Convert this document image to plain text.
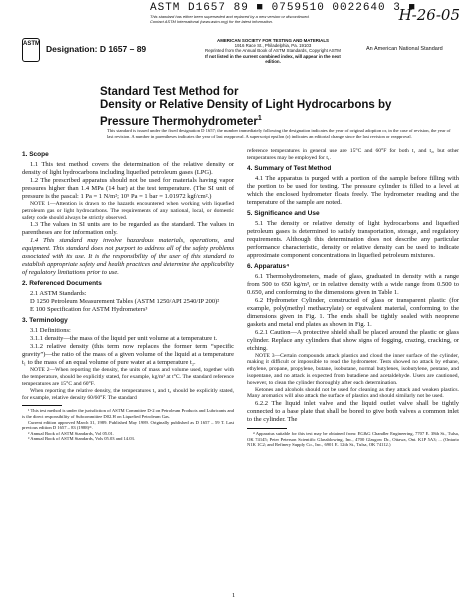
ASTM D1657 89 ■ 0759510 0022640 3 ■
This standard has either been superseded and replaced by a new version or discontinued. Contact ASTM International (www.astm.org) for the latest information.	H-26-05
ASTM Designation: D 1657 – 89
AMERICAN SOCIETY FOR TESTING AND MATERIALS
1916 Race St., Philadelphia, Pa. 19103
Reprinted from the Annual Book of ASTM Standards, Copyright ASTM
If not listed in the current combined index, will appear in the next edition.
An American National Standard
Standard Test Method for
Density or Relative Density of Light Hydrocarbons by
Pressure Thermohydrometer$^1$
This standard is issued under the fixed designation D 1657; the number immediately following the designation indicates the year of original adoption or, in the case of revision, the year of last revision. A number in parentheses indicates the year of last reapproval. A superscript epsilon (ε) indicates an editorial change since the last revision or reapproval.

1. Scope

1.1 This test method covers the determination of the relative density or density of light hydrocarbons including liquefied petroleum gases (LPG).

1.2 The prescribed apparatus should not be used for materials having vapor pressures higher than 1.4 MPa (14 bar) at the test temperature. (The SI unit of pressure is the pascal: 1 Pa = 1 N/m²; 10⁵ Pa = 1 bar = 1.01972 kgf/cm².)

NOTE 1—Attention is drawn to the hazards encountered when working with liquefied petroleum gas or light hydrocarbons. The requirements of any national, local, or domestic safety code should always be strictly observed.

1.3 The values in SI units are to be regarded as the standard. The values in parentheses are for information only.

1.4 This standard may involve hazardous materials, operations, and equipment. This standard does not purport to address all of the safety problems associated with its use. It is the responsibility of the user of this standard to establish appropriate safety and health practices and determine the applicability of regulatory limitations prior to use.

2. Referenced Documents

2.1 ASTM Standards:

D 1250 Petroleum Measurement Tables (ASTM 1250/API 2540/IP 200)²

E 100 Specification for ASTM Hydrometers³

3. Terminology

3.1 Definitions:

3.1.1 density—the mass of the liquid per unit volume at a temperature t.

3.1.2 relative density (this term now replaces the former term “specific gravity”)—the ratio of the mass of a given volume of the liquid at a temperature t₁ to the mass of an equal volume of pure water at a temperature t₂.

NOTE 2—When reporting the density, the units of mass and volume used, together with the temperature, should be explicitly stated, for example, kg/m³ at t°C. The standard reference temperatures are 15°C and 60°F.

When reporting the relative density, the temperatures t₁ and t₂ should be explicitly stated, for example, relative density 60/60°F. The standard

¹ This test method is under the jurisdiction of ASTM Committee D-2 on Petroleum Products and Lubricants and is the direct responsibility of Subcommittee D02.H on Liquefied Petroleum Gas.

Current edition approved March 31, 1989. Published May 1989. Originally published as D 1657 – 59 T. Last previous edition D 1657 – 83 (1988)ᵉ¹.

² Annual Book of ASTM Standards, Vol 05.01.

³ Annual Book of ASTM Standards, Vols 05.03 and 14.03.

reference temperatures in general use are 15°C and 60°F for both t₁ and t₂, but other temperatures may be employed for t₁.

4. Summary of Test Method

4.1 The apparatus is purged with a portion of the sample before filling with the portion to be used for testing. The pressure cylinder is filled to a level at which the enclosed hydrometer floats freely. The hydrometer reading and the temperature of the sample are noted.

5. Significance and Use

5.1 The density or relative density of light hydrocarbons and liquefied petroleum gases is determined to satisfy transportation, storage, and regulatory requirements. Although this determination does not describe any particular performance characteristic, density or relative density can be used to indicate approximate component concentrations in liquefied petroleum mixtures.

6. Apparatus⁴

6.1 Thermohydrometers, made of glass, graduated in density with a range from 500 to 650 kg/m³, or in relative density with a wide range from 0.500 to 0.650, and conforming to the dimensions given in Table 1.

6.2 Hydrometer Cylinder, constructed of glass or transparent plastic (for example, poly(methyl methacrylate) or equivalent material, conforming to the dimensions given in Fig. 1. The ends shall be tightly sealed with neoprene gaskets and metal end plates as shown in Fig. 1.

6.2.1 Caution—A protective shield shall be placed around the plastic or glass cylinder. Replace any cylinders that show signs of fogging, crazing, cracking, or etching.

NOTE 3—Certain compounds attack plastics and cloud the inner surface of the cylinder, making it difficult or impossible to read the hydrometer. Tests showed no attack by ethane, ethylene, propane, propylene, butane, isobutane, normal butylenes, isobutylene, pentane, and isopentane, and no attack is expected from butadiene and acetaldehyde. Users are cautioned, however, to clean the cylinder thoroughly after each determination.

Ketones and alcohols should not be used for cleaning as they attack and weaken plastics. Many aromatics will also attack the surface of plastics and should similarly not be used.

6.2.2 The liquid inlet valve and the liquid outlet valve shall be tightly connected to a base plate that shall be bored to give both valves a common inlet to the cylinder. The

⁴ Apparatus suitable for this test may be obtained from: EG&G Chandler Engineering, 7707 E. 38th St., Tulsa, OK 74145; Peter Peterson Scientific Glassblowing, Inc., 4700 Glasgow Dr., Ottawa, Ont. K1P 5A3; ... (Ontario N1K 1C2; and Refinery Supply Co., Inc., 6901 E. 12th St., Tulsa, OK 74112.)

1
